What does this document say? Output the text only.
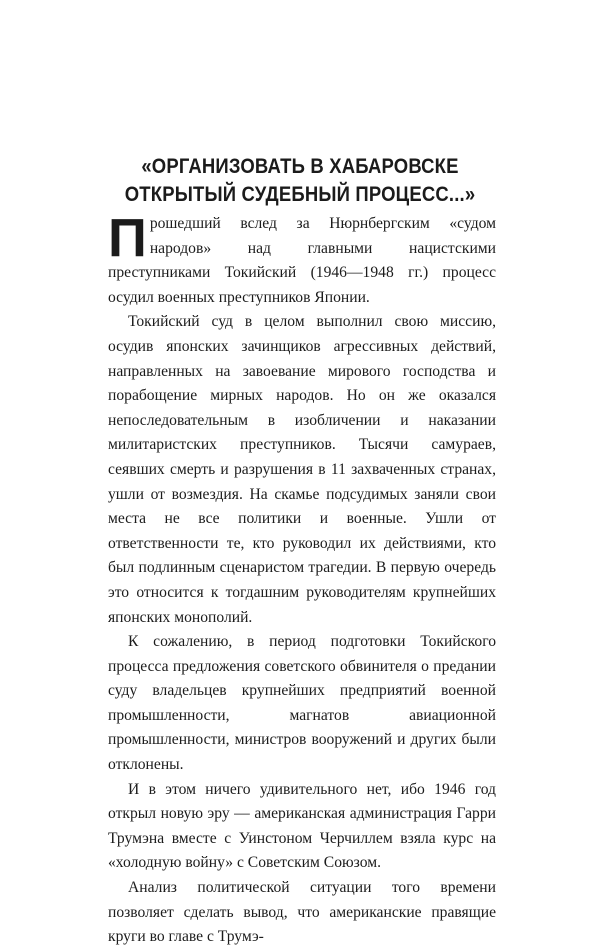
«ОРГАНИЗОВАТЬ В ХАБАРОВСКЕ
ОТКРЫТЫЙ СУДЕБНЫЙ ПРОЦЕСС...»

Прошедший вслед за Нюрнбергским «судом народов» над главными нацистскими преступниками Токийский (1946—1948 гг.) процесс осудил военных преступников Японии.

Токийский суд в целом выполнил свою миссию, осудив японских зачинщиков агрессивных действий, направленных на завоевание мирового господства и порабощение мирных народов. Но он же оказался непоследовательным в изобличении и наказании милитаристских преступников. Тысячи самураев, сеявших смерть и разрушения в 11 захваченных странах, ушли от возмездия. На скамье подсудимых заняли свои места не все политики и военные. Ушли от ответственности те, кто руководил их действиями, кто был подлинным сценаристом трагедии. В первую очередь это относится к тогдашним руководителям крупнейших японских монополий.

К сожалению, в период подготовки Токийского процесса предложения советского обвинителя о предании суду владельцев крупнейших предприятий военной промышленности, магнатов авиационной промышленности, министров вооружений и других были отклонены.

И в этом ничего удивительного нет, ибо 1946 год открыл новую эру — американская администрация Гарри Трумэна вместе с Уинстоном Черчиллем взяла курс на «холодную войну» с Советским Союзом.

Анализ политической ситуации того времени позволяет сделать вывод, что американские правящие круги во главе с Трумэ-
